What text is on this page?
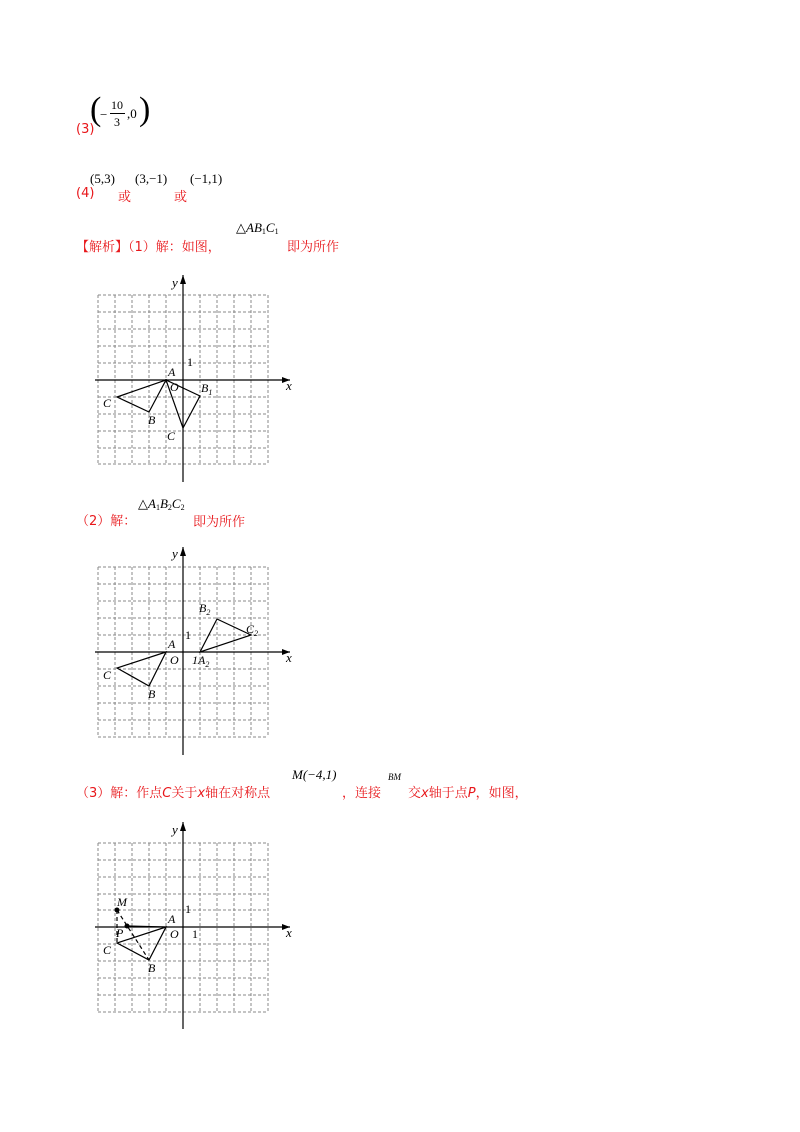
(3)
(
−
10
3
,0 )
(4)
(5,3)
或
(3,−1)
或
(−1,1)
【解析】（1）解：如图，
$\triangle AB_1C_1$
即为所作
y
x
1
A
O
C
B
C
$B_1$
（2）解：
$\triangle A_1B_2C_2$
即为所作
y
x
1
A
O
C
B
$B_2$
$C_2$
$1A_2$
（3）解：作点C关于x轴在对称点
M(−4,1)
，连接
BM
交x轴于点P，如图，
y
x
1
1
A
O
M
P
C
B
